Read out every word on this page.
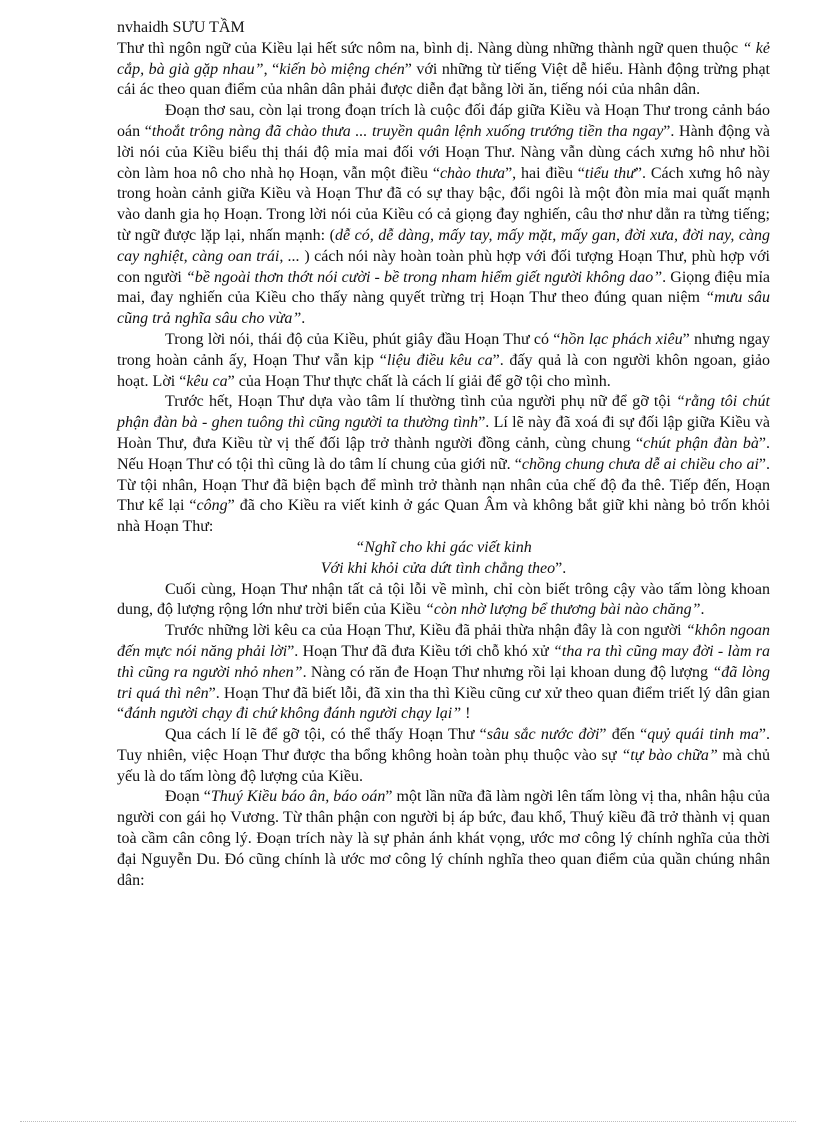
nvhaidh SƯU TẦM

Thư thì ngôn ngữ của Kiều lại hết sức nôm na, bình dị. Nàng dùng những thành ngữ quen thuộc “ kẻ cắp, bà già gặp nhau”, “kiến bò miệng chén” với những từ tiếng Việt dễ hiểu. Hành động trừng phạt cái ác theo quan điểm của nhân dân phải được diễn đạt bằng lời ăn, tiếng nói của nhân dân.

Đoạn thơ sau, còn lại trong đoạn trích là cuộc đối đáp giữa Kiều và Hoạn Thư trong cảnh báo oán “thoắt trông nàng đã chào thưa ... truyền quân lệnh xuống trướng tiền tha ngay”. Hành động và lời nói của Kiều biểu thị thái độ mỉa mai đối với Hoạn Thư. Nàng vẫn dùng cách xưng hô như hồi còn làm hoa nô cho nhà họ Hoạn, vẫn một điều “chào thưa”, hai điều “tiểu thư”. Cách xưng hô này trong hoàn cảnh giữa Kiều và Hoạn Thư đã có sự thay bậc, đổi ngôi là một đòn mỉa mai quất mạnh vào danh gia họ Hoạn. Trong lời nói của Kiều có cả giọng đay nghiến, câu thơ như dằn ra từng tiếng; từ ngữ được lặp lại, nhấn mạnh: (dễ có, dễ dàng, mấy tay, mấy mặt, mấy gan, đời xưa, đời nay, càng cay nghiệt, càng oan trái, ... ) cách nói này hoàn toàn phù hợp với đối tượng Hoạn Thư, phù hợp với con người “bề ngoài thơn thớt nói cười - bề trong nham hiểm giết người không dao”. Giọng điệu mỉa mai, đay nghiến của Kiều cho thấy nàng quyết trừng trị Hoạn Thư theo đúng quan niệm “mưu sâu cũng trả nghĩa sâu cho vừa”.

Trong lời nói, thái độ của Kiều, phút giây đầu Hoạn Thư có “hồn lạc phách xiêu” nhưng ngay trong hoàn cảnh ấy, Hoạn Thư vẫn kịp “liệu điều kêu ca”. đấy quả là con người khôn ngoan, giảo hoạt. Lời “kêu ca” của Hoạn Thư thực chất là cách lí giải để gỡ tội cho mình.

Trước hết, Hoạn Thư dựa vào tâm lí thường tình của người phụ nữ để gỡ tội “rằng tôi chút phận đàn bà - ghen tuông thì cũng người ta thường tình”. Lí lẽ này đã xoá đi sự đối lập giữa Kiều và Hoàn Thư, đưa Kiều từ vị thế đối lập trở thành người đồng cảnh, cùng chung “chút phận đàn bà”. Nếu Hoạn Thư có tội thì cũng là do tâm lí chung của giới nữ. “chồng chung chưa dễ ai chiều cho ai”. Từ tội nhân, Hoạn Thư đã biện bạch để mình trở thành nạn nhân của chế độ đa thê. Tiếp đến, Hoạn Thư kể lại “công” đã cho Kiều ra viết kinh ở gác Quan Âm và không bắt giữ khi nàng bỏ trốn khỏi nhà Hoạn Thư:

“Nghĩ cho khi gác viết kinh

Với khi khỏi cửa dứt tình chẳng theo”.

Cuối cùng, Hoạn Thư nhận tất cả tội lỗi về mình, chỉ còn biết trông cậy vào tấm lòng khoan dung, độ lượng rộng lớn như trời biển của Kiều “còn nhờ lượng bể thương bài nào chăng”.

Trước những lời kêu ca của Hoạn Thư, Kiều đã phải thừa nhận đây là con người “khôn ngoan đến mực nói năng phải lời”. Hoạn Thư đã đưa Kiều tới chỗ khó xử “tha ra thì cũng may đời - làm ra thì cũng ra người nhỏ nhen”. Nàng có răn đe Hoạn Thư nhưng rồi lại khoan dung độ lượng “đã lòng tri quá thì nên”. Hoạn Thư đã biết lỗi, đã xin tha thì Kiều cũng cư xử theo quan điểm triết lý dân gian “đánh người chạy đi chứ không đánh người chạy lại” !

Qua cách lí lẽ để gỡ tội, có thể thấy Hoạn Thư “sâu sắc nước đời” đến “quỷ quái tinh ma”. Tuy nhiên, việc Hoạn Thư được tha bổng không hoàn toàn phụ thuộc vào sự “tự bào chữa” mà chủ yếu là do tấm lòng độ lượng của Kiều.

Đoạn “Thuý Kiều báo ân, báo oán” một lần nữa đã làm ngời lên tấm lòng vị tha, nhân hậu của người con gái họ Vương. Từ thân phận con người bị áp bức, đau khổ, Thuý kiều đã trở thành vị quan toà cầm cân công lý. Đoạn trích này là sự phản ánh khát vọng, ước mơ công lý chính nghĩa của thời đại Nguyễn Du. Đó cũng chính là ước mơ công lý chính nghĩa theo quan điểm của quần chúng nhân dân:
